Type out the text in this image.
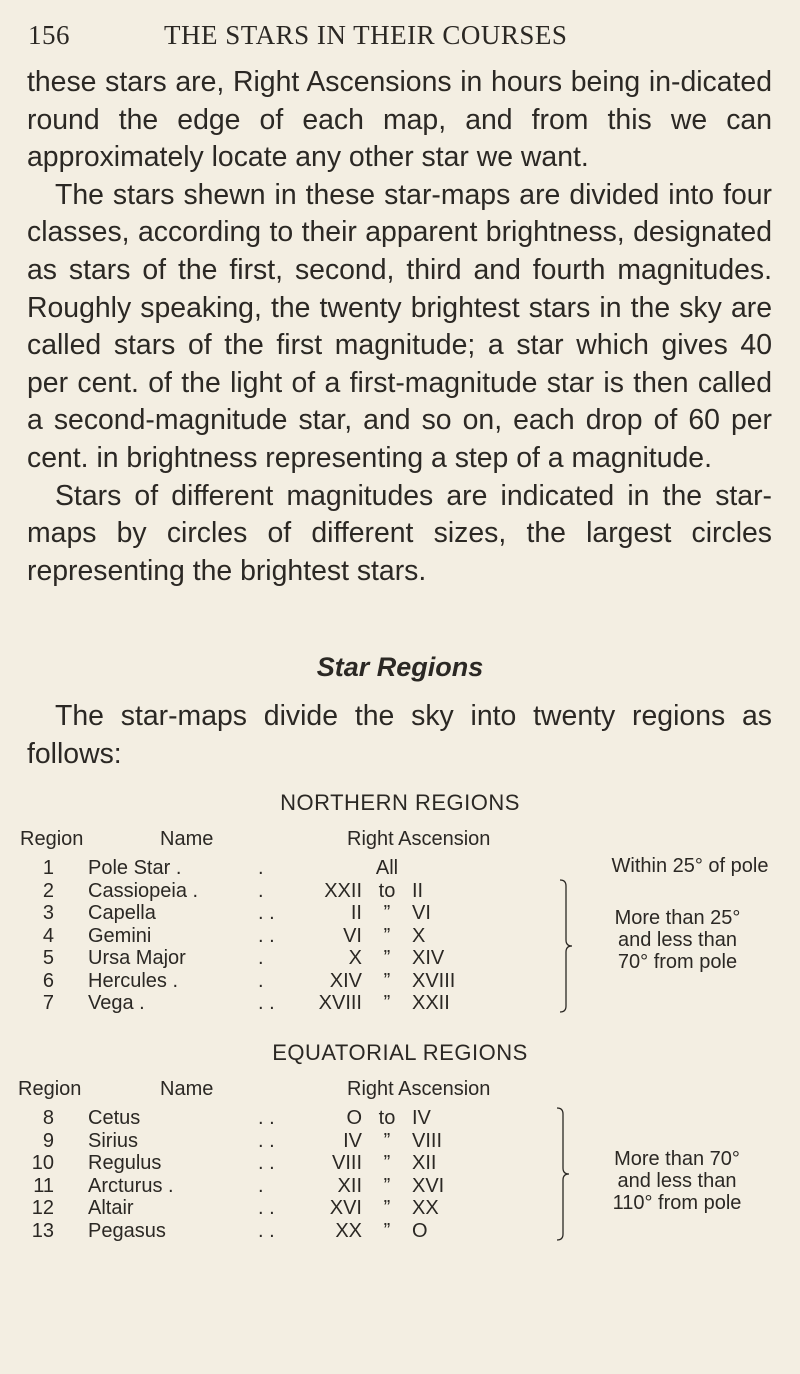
156	THE STARS IN THEIR COURSES

these stars are, Right Ascensions in hours being in-dicated round the edge of each map, and from this we can approximately locate any other star we want.

The stars shewn in these star-maps are divided into four classes, according to their apparent brightness, designated as stars of the first, second, third and fourth magnitudes. Roughly speaking, the twenty brightest stars in the sky are called stars of the first magnitude; a star which gives 40 per cent. of the light of a first-magnitude star is then called a second-magnitude star, and so on, each drop of 60 per cent. in brightness representing a step of a magnitude.

Stars of different magnitudes are indicated in the star-maps by circles of different sizes, the largest circles representing the brightest stars.

Star Regions

The star-maps divide the sky into twenty regions as follows:

NORTHERN REGIONS
Region	Name	Right Ascension
1 Pole Star .	.	All
2 Cassiopeia .	.	XXII to II
3 Capella	. .	II	”	VI
4 Gemini	. .	VI	”	X
5 Ursa Major	.	X	”	XIV
6 Hercules .	.	XIV	”	XVIII
7 Vega .	. .	XVIII	”	XXII
Within 25° of pole
More than 25°
and less than
70° from pole
EQUATORIAL REGIONS
Region	Name	Right Ascension
8 Cetus	. .	O to IV
9 Sirius	. .	IV	”	VIII
10 Regulus	. .	VIII	”	XII
11 Arcturus .	.	XII	”	XVI
12 Altair	. .	XVI	”	XX
13 Pegasus	. .	XX	”	O
More than 70°
and less than
110° from pole
